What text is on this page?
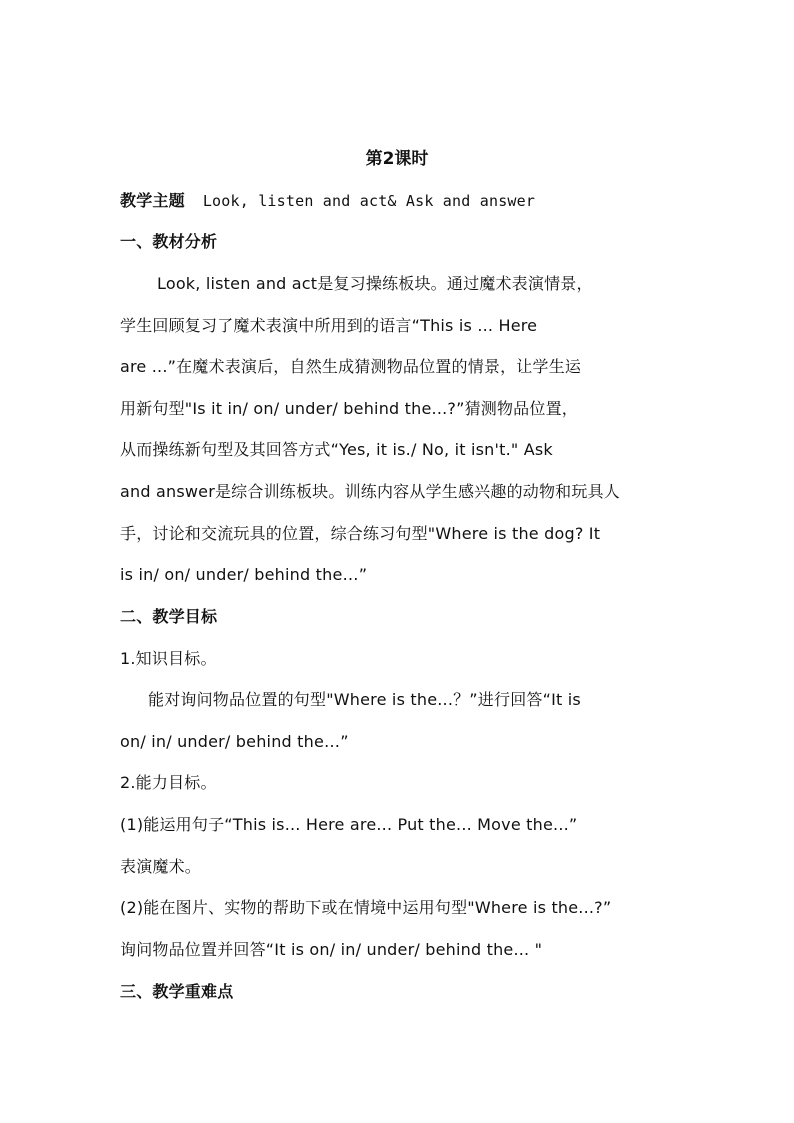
第2课时
教学主题 Look, listen and act& Ask and answer
一、教材分析
Look, listen and act是复习操练板块。通过魔术表演情景，
学生回顾复习了魔术表演中所用到的语言“This is ... Here
are ...”在魔术表演后，自然生成猜测物品位置的情景，让学生运
用新句型"Is it in/ on/ under/ behind the...?”猜测物品位置，
从而操练新句型及其回答方式“Yes, it is./ No, it isn't." Ask
and answer是综合训练板块。训练内容从学生感兴趣的动物和玩具人
手，讨论和交流玩具的位置，综合练习句型"Where is the dog? It
is in/ on/ under/ behind the…”
二、教学目标
1.知识目标。
能对询问物品位置的句型"Where is the...？”进行回答“It is
on/ in/ under/ behind the…”
2.能力目标。
(1)能运用句子“This is... Here are... Put the... Move the...”
表演魔术。
(2)能在图片、实物的帮助下或在情境中运用句型"Where is the...?”
询问物品位置并回答“It is on/ in/ under/ behind the... "
三、教学重难点
